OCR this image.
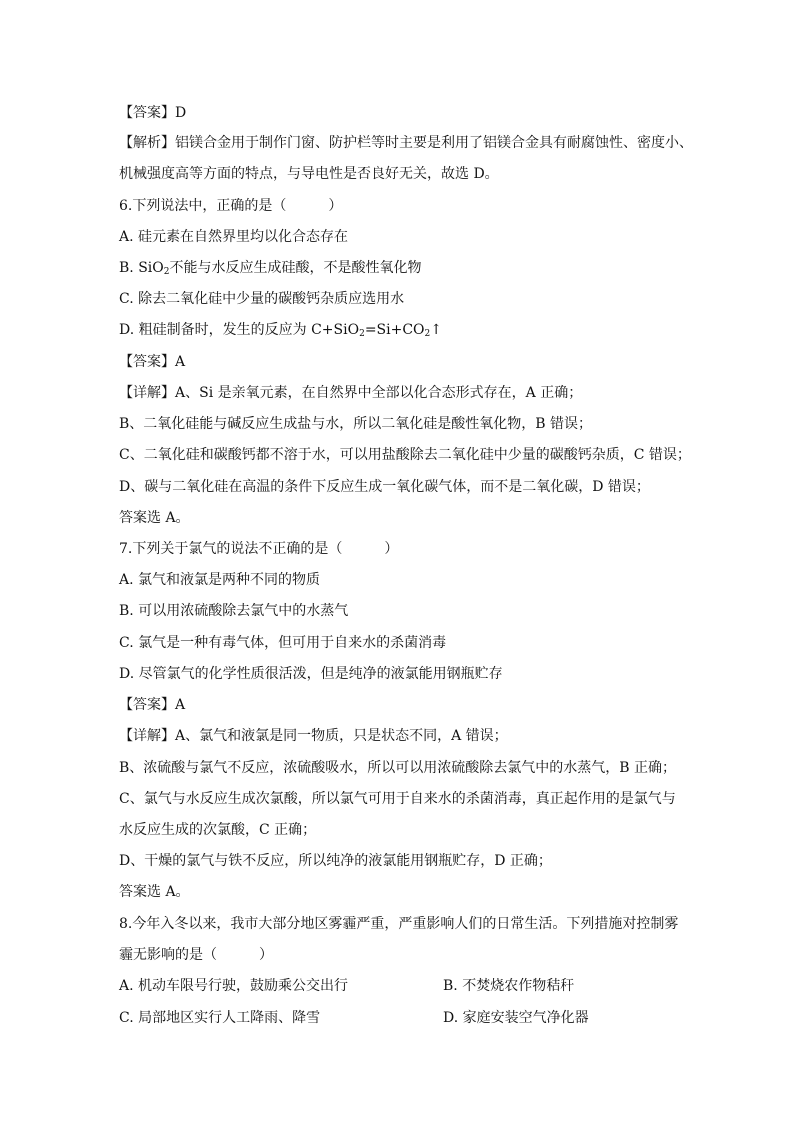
【答案】D
【解析】铝镁合金用于制作门窗、防护栏等时主要是利用了铝镁合金具有耐腐蚀性、密度小、
机械强度高等方面的特点，与导电性是否良好无关，故选 D。
6.下列说法中，正确的是（　　　）
A. 硅元素在自然界里均以化合态存在
B. SiO$_2$不能与水反应生成硅酸，不是酸性氧化物
C. 除去二氧化硅中少量的碳酸钙杂质应选用水
D. 粗硅制备时，发生的反应为 $C+SiO_2=Si+CO_2↑$
【答案】A
【详解】A、Si 是亲氧元素，在自然界中全部以化合态形式存在，A 正确；
B、二氧化硅能与碱反应生成盐与水，所以二氧化硅是酸性氧化物，B 错误；
C、二氧化硅和碳酸钙都不溶于水，可以用盐酸除去二氧化硅中少量的碳酸钙杂质，C 错误；
D、碳与二氧化硅在高温的条件下反应生成一氧化碳气体，而不是二氧化碳，D 错误；
答案选 A。
7.下列关于氯气的说法不正确的是（　　　）
A. 氯气和液氯是两种不同的物质
B. 可以用浓硫酸除去氯气中的水蒸气
C. 氯气是一种有毒气体，但可用于自来水的杀菌消毒
D. 尽管氯气的化学性质很活泼，但是纯净的液氯能用钢瓶贮存
【答案】A
【详解】A、氯气和液氯是同一物质，只是状态不同，A 错误；
B、浓硫酸与氯气不反应，浓硫酸吸水，所以可以用浓硫酸除去氯气中的水蒸气，B 正确；
C、氯气与水反应生成次氯酸，所以氯气可用于自来水的杀菌消毒，真正起作用的是氯气与
水反应生成的次氯酸，C 正确；
D、干燥的氯气与铁不反应，所以纯净的液氯能用钢瓶贮存，D 正确；
答案选 A。
8.今年入冬以来，我市大部分地区雾霾严重，严重影响人们的日常生活。下列措施对控制雾
霾无影响的是（　　　）
A. 机动车限号行驶，鼓励乘公交出行	B. 不焚烧农作物秸秆
C. 局部地区实行人工降雨、降雪	D. 家庭安装空气净化器
